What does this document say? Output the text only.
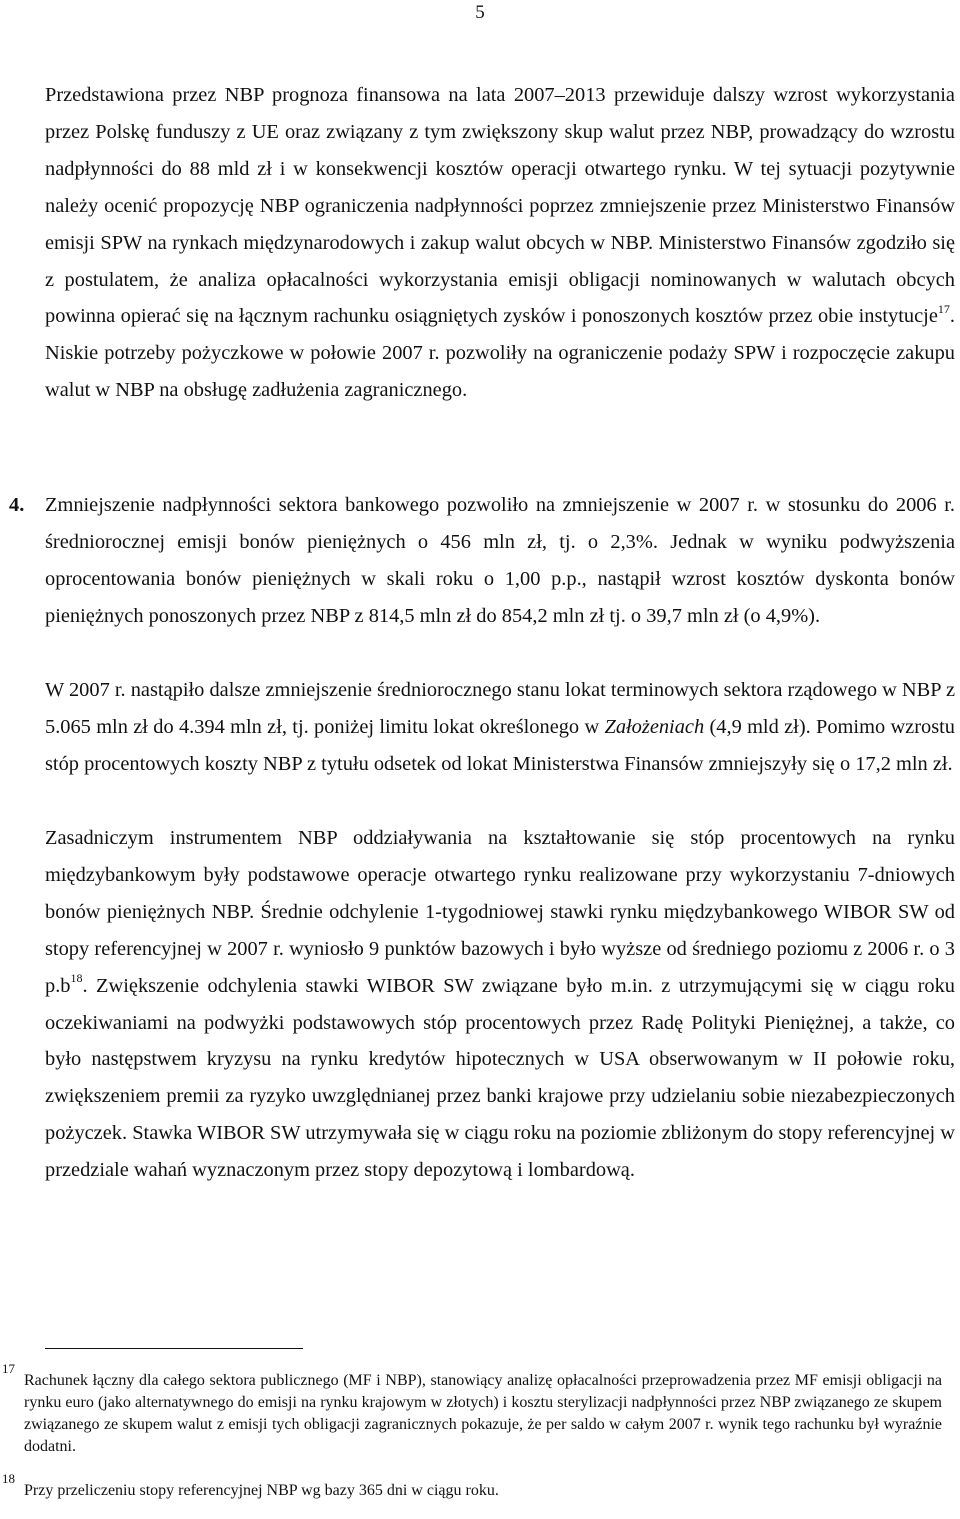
5

Przedstawiona przez NBP prognoza finansowa na lata 2007–2013 przewiduje dalszy wzrost wykorzystania przez Polskę funduszy z UE oraz związany z tym zwiększony skup walut przez NBP, prowadzący do wzrostu nadpłynności do 88 mld zł i w konsekwencji kosztów operacji otwartego rynku. W tej sytuacji pozytywnie należy ocenić propozycję NBP ograniczenia nadpłynności poprzez zmniejszenie przez Ministerstwo Finansów emisji SPW na rynkach międzynarodowych i zakup walut obcych w NBP. Ministerstwo Finansów zgodziło się z postulatem, że analiza opłacalności wykorzystania emisji obligacji nominowanych w walutach obcych powinna opierać się na łącznym rachunku osiągniętych zysków i ponoszonych kosztów przez obie instytucje$^{17}$. Niskie potrzeby pożyczkowe w połowie 2007 r. pozwoliły na ograniczenie podaży SPW i rozpoczęcie zakupu walut w NBP na obsługę zadłużenia zagranicznego.

4. Zmniejszenie nadpłynności sektora bankowego pozwoliło na zmniejszenie w 2007 r. w stosunku do 2006 r. średniorocznej emisji bonów pieniężnych o 456 mln zł, tj. o 2,3%. Jednak w wyniku podwyższenia oprocentowania bonów pieniężnych w skali roku o 1,00 p.p., nastąpił wzrost kosztów dyskonta bonów pieniężnych ponoszonych przez NBP z 814,5 mln zł do 854,2 mln zł tj. o 39,7 mln zł (o 4,9%).

W 2007 r. nastąpiło dalsze zmniejszenie średniorocznego stanu lokat terminowych sektora rządowego w NBP z 5.065 mln zł do 4.394 mln zł, tj. poniżej limitu lokat określonego w Założeniach (4,9 mld zł). Pomimo wzrostu stóp procentowych koszty NBP z tytułu odsetek od lokat Ministerstwa Finansów zmniejszyły się o 17,2 mln zł.

Zasadniczym instrumentem NBP oddziaływania na kształtowanie się stóp procentowych na rynku międzybankowym były podstawowe operacje otwartego rynku realizowane przy wykorzystaniu 7-dniowych bonów pieniężnych NBP. Średnie odchylenie 1-tygodniowej stawki rynku międzybankowego WIBOR SW od stopy referencyjnej w 2007 r. wyniosło 9 punktów bazowych i było wyższe od średniego poziomu z 2006 r. o 3 $p.b^{18}$. Zwiększenie odchylenia stawki WIBOR SW związane było m.in. z utrzymującymi się w ciągu roku oczekiwaniami na podwyżki podstawowych stóp procentowych przez Radę Polityki Pieniężnej, a także, co było następstwem kryzysu na rynku kredytów hipotecznych w USA obserwowanym w II połowie roku, zwiększeniem premii za ryzyko uwzględnianej przez banki krajowe przy udzielaniu sobie niezabezpieczonych pożyczek. Stawka WIBOR SW utrzymywała się w ciągu roku na poziomie zbliżonym do stopy referencyjnej w przedziale wahań wyznaczonym przez stopy depozytową i lombardową.

17
Rachunek łączny dla całego sektora publicznego (MF i NBP), stanowiący analizę opłacalności przeprowadzenia przez MF emisji obligacji na rynku euro (jako alternatywnego do emisji na rynku krajowym w złotych) i kosztu sterylizacji nadpłynności przez NBP związanego ze skupem związanego ze skupem walut z emisji tych obligacji zagranicznych pokazuje, że per saldo w całym 2007 r. wynik tego rachunku był wyraźnie dodatni.
18
Przy przeliczeniu stopy referencyjnej NBP wg bazy 365 dni w ciągu roku.
